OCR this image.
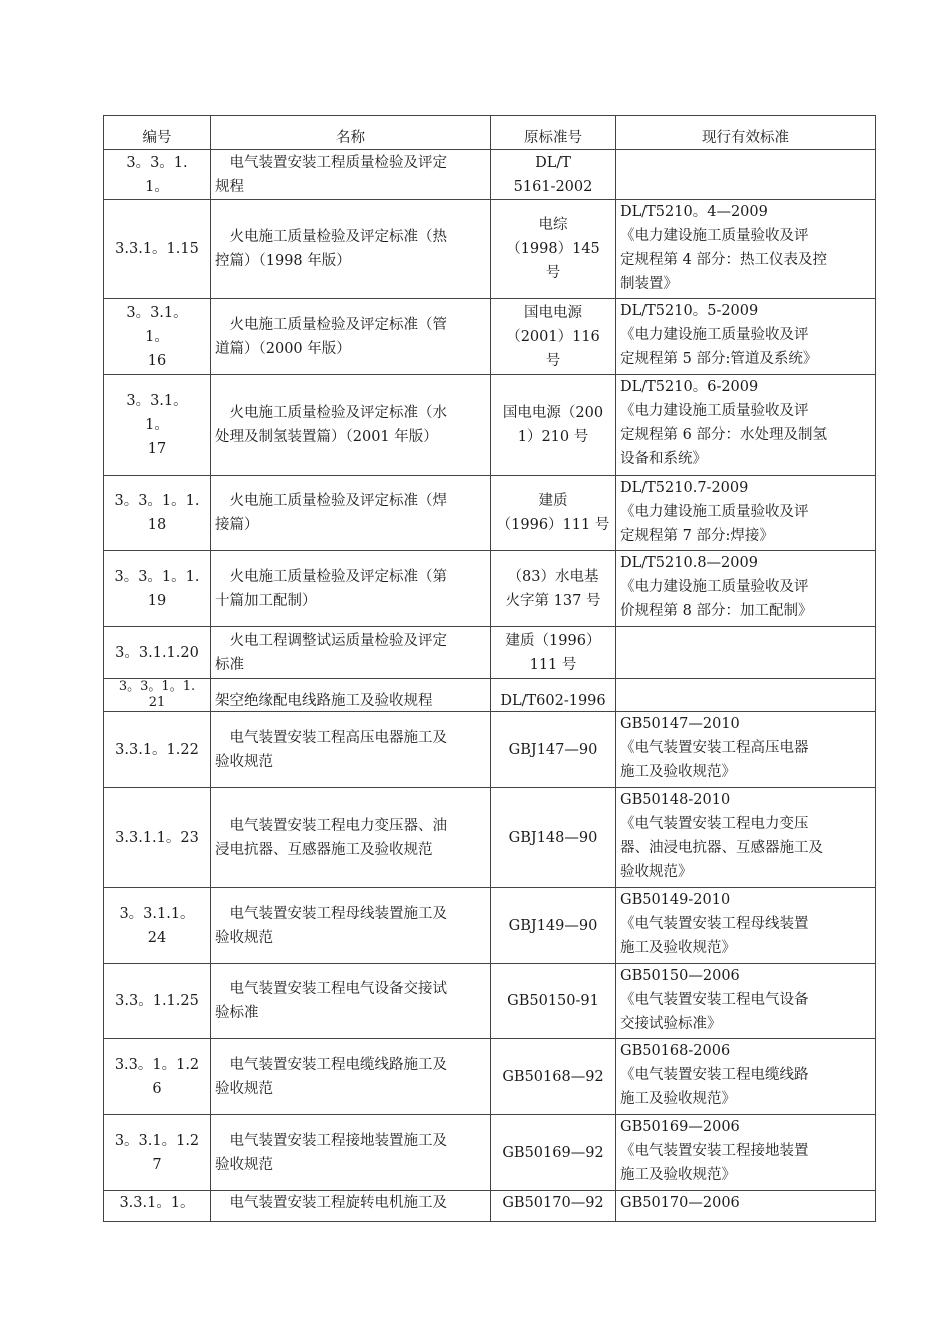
编号	名称	原标准号	现行有效标准

3。3。1.
1。	　电气装置安装工程质量检验及评定
规程	DL/T
5161-2002	

3.3.1。1.15	　火电施工质量检验及评定标准（热
控篇）（1998 年版）	电综
（1998）145
号	DL/T5210。4—2009
《电力建设施工质量验收及评
定规程第 4 部分：热工仪表及控
制装置》

3。3.1。
1。
16	　火电施工质量检验及评定标准（管
道篇）（2000 年版）	国电电源
（2001）116
号	DL/T5210。5-2009
《电力建设施工质量验收及评
定规程第 5 部分:管道及系统》

3。3.1。
1。
17	　火电施工质量检验及评定标准（水
处理及制氢装置篇）（2001 年版）	国电电源（200
1）210 号	DL/T5210。6-2009
《电力建设施工质量验收及评
定规程第 6 部分：水处理及制氢
设备和系统》

3。3。1。1.
18	　火电施工质量检验及评定标准（焊
接篇）	建质
（1996）111 号	DL/T5210.7-2009
《电力建设施工质量验收及评
定规程第 7 部分:焊接》

3。3。1。1.
19	　火电施工质量检验及评定标准（第
十篇加工配制）	（83）水电基
火字第 137 号	DL/T5210.8—2009
《电力建设施工质量验收及评
价规程第 8 部分：加工配制》

3。3.1.1.20	　火电工程调整试运质量检验及评定
标准	建质（1996）
111 号	

3。3。1。1.
21	架空绝缘配电线路施工及验收规程	DL/T602-1996	

3.3.1。1.22	　电气装置安装工程高压电器施工及
验收规范	GBJ147—90	GB50147—2010
《电气装置安装工程高压电器
施工及验收规范》

3.3.1.1。23	　电气装置安装工程电力变压器、油
浸电抗器、互感器施工及验收规范	GBJ148—90	GB50148-2010
《电气装置安装工程电力变压
器、油浸电抗器、互感器施工及
验收规范》

3。3.1.1。
24	　电气装置安装工程母线装置施工及
验收规范	GBJ149—90	GB50149-2010
《电气装置安装工程母线装置
施工及验收规范》

3.3。1.1.25	　电气装置安装工程电气设备交接试
验标准	GB50150-91	GB50150—2006
《电气装置安装工程电气设备
交接试验标准》

3.3。1。1.2
6	　电气装置安装工程电缆线路施工及
验收规范	GB50168—92	GB50168-2006
《电气装置安装工程电缆线路
施工及验收规范》

3。3.1。1.2
7	　电气装置安装工程接地装置施工及
验收规范	GB50169—92	GB50169—2006
《电气装置安装工程接地装置
施工及验收规范》

3.3.1。1。	　电气装置安装工程旋转电机施工及	GB50170—92	GB50170—2006
